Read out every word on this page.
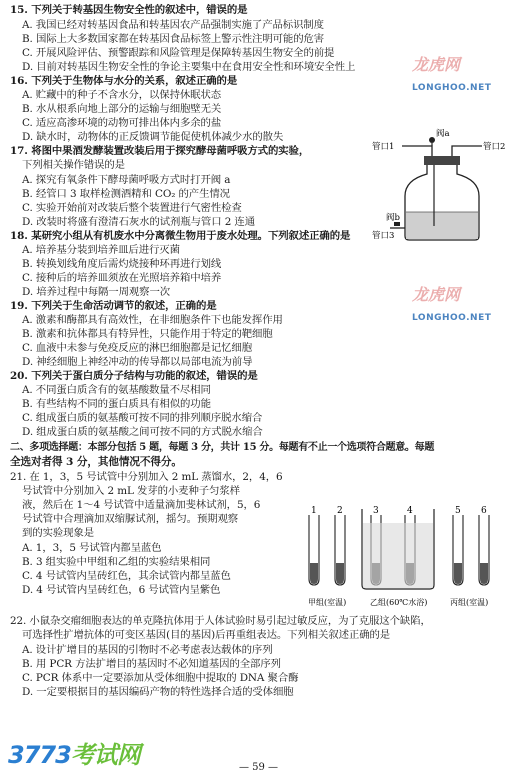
15. 下列关于转基因生物安全性的叙述中，错误的是
A. 我国已经对转基因食品和转基因农产品强制实施了产品标识制度
B. 国际上大多数国家都在转基因食品标签上警示性注明可能的危害
C. 开展风险评估、预警跟踪和风险管理是保障转基因生物安全的前提
D. 目前对转基因生物安全性的争论主要集中在食用安全性和环境安全性上
16. 下列关于生物体与水分的关系，叙述正确的是
A. 贮藏中的种子不含水分，以保持休眠状态
B. 水从根系向地上部分的运输与细胞壁无关
C. 适应高渗环境的动物可排出体内多余的盐
D. 缺水时，动物体的正反馈调节能促使机体减少水的散失
17. 将图中果酒发酵装置改装后用于探究酵母菌呼吸方式的实验，
下列相关操作错误的是
A. 探究有氧条件下酵母菌呼吸方式时打开阀 a
B. 经管口 3 取样检测酒精和 CO₂ 的产生情况
C. 实验开始前对改装后整个装置进行气密性检查
D. 改装时将盛有澄清石灰水的试剂瓶与管口 2 连通
阀a
管口1	管口2
阀b
管口3
18. 某研究小组从有机废水中分离微生物用于废水处理。下列叙述正确的是
A. 培养基分装到培养皿后进行灭菌
B. 转换划线角度后需灼烧接种环再进行划线
C. 接种后的培养皿须放在光照培养箱中培养
D. 培养过程中每隔一周观察一次
19. 下列关于生命活动调节的叙述，正确的是
A. 激素和酶都具有高效性，在非细胞条件下也能发挥作用
B. 激素和抗体都具有特异性，只能作用于特定的靶细胞
C. 血液中未参与免疫反应的淋巴细胞都是记忆细胞
D. 神经细胞上神经冲动的传导都以局部电流为前导
20. 下列关于蛋白质分子结构与功能的叙述，错误的是
A. 不同蛋白质含有的氨基酸数量不尽相同
B. 有些结构不同的蛋白质具有相似的功能
C. 组成蛋白质的氨基酸可按不同的排列顺序脱水缩合
D. 组成蛋白质的氨基酸之间可按不同的方式脱水缩合
二、多项选择题：本部分包括 5 题，每题 3 分，共计 15 分。每题有不止一个选项符合题意。每题
全选对者得 3 分，其他情况不得分。
21. 在 1，3，5 号试管中分别加入 2 mL 蒸馏水，2，4，6
号试管中分别加入 2 mL 发芽的小麦种子匀浆样
液，然后在 1～4 号试管中适量滴加斐林试剂，5，6
号试管中合理滴加双缩脲试剂，摇匀。预期观察
到的实验现象是
A. 1，3，5 号试管内都呈蓝色
B. 3 组实验中甲组和乙组的实验结果相同
C. 4 号试管内呈砖红色，其余试管内都呈蓝色
D. 4 号试管内呈砖红色，6 号试管内呈紫色
1 2	3	4	5 6
甲组(室温)	乙组(60℃水浴)	丙组(室温)
22. 小鼠杂交瘤细胞表达的单克隆抗体用于人体试验时易引起过敏反应，为了克服这个缺陷，
可选择性扩增抗体的可变区基因(目的基因)后再重组表达。下列相关叙述正确的是
A. 设计扩增目的基因的引物时不必考虑表达载体的序列
B. 用 PCR 方法扩增目的基因时不必知道基因的全部序列
C. PCR 体系中一定要添加从受体细胞中提取的 DNA 聚合酶
D. 一定要根据目的基因编码产物的特性选择合适的受体细胞
龙虎网
LONGHOO.NET
龙虎网
LONGHOO.NET
3773考试网	— 59 —
